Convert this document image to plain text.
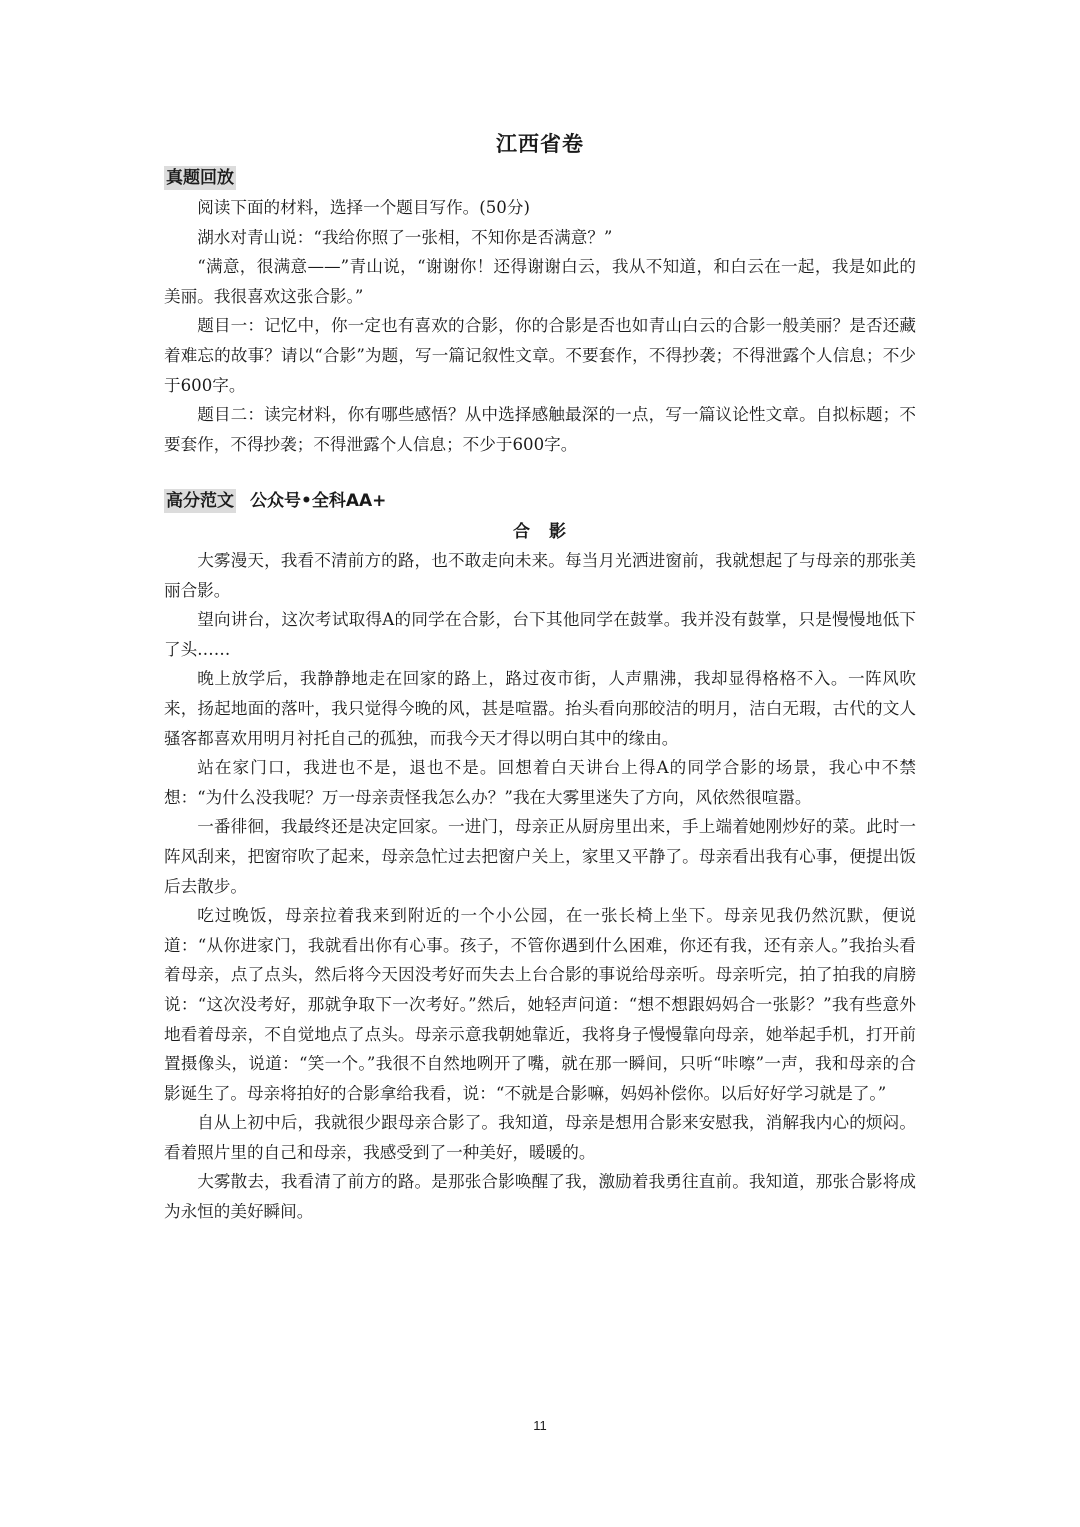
江西省卷
真题回放

阅读下面的材料，选择一个题目写作。(50分)

湖水对青山说：“我给你照了一张相，不知你是否满意？”

“满意，很满意——”青山说，“谢谢你！还得谢谢白云，我从不知道，和白云在一起，我是如此的美丽。我很喜欢这张合影。”

题目一：记忆中，你一定也有喜欢的合影，你的合影是否也如青山白云的合影一般美丽？是否还藏着难忘的故事？请以“合影”为题，写一篇记叙性文章。不要套作，不得抄袭；不得泄露个人信息；不少于600字。

题目二：读完材料，你有哪些感悟？从中选择感触最深的一点，写一篇议论性文章。自拟标题；不要套作，不得抄袭；不得泄露个人信息；不少于600字。

高分范文 公众号•全科AA+
合　影

大雾漫天，我看不清前方的路，也不敢走向未来。每当月光洒进窗前，我就想起了与母亲的那张美丽合影。

望向讲台，这次考试取得A的同学在合影，台下其他同学在鼓掌。我并没有鼓掌，只是慢慢地低下了头……

晚上放学后，我静静地走在回家的路上，路过夜市街，人声鼎沸，我却显得格格不入。一阵风吹来，扬起地面的落叶，我只觉得今晚的风，甚是喧嚣。抬头看向那皎洁的明月，洁白无瑕，古代的文人骚客都喜欢用明月衬托自己的孤独，而我今天才得以明白其中的缘由。

站在家门口，我进也不是，退也不是。回想着白天讲台上得A的同学合影的场景，我心中不禁想：“为什么没我呢？万一母亲责怪我怎么办？”我在大雾里迷失了方向，风依然很喧嚣。

一番徘徊，我最终还是决定回家。一进门，母亲正从厨房里出来，手上端着她刚炒好的菜。此时一阵风刮来，把窗帘吹了起来，母亲急忙过去把窗户关上，家里又平静了。母亲看出我有心事，便提出饭后去散步。

吃过晚饭，母亲拉着我来到附近的一个小公园，在一张长椅上坐下。母亲见我仍然沉默，便说道：“从你进家门，我就看出你有心事。孩子，不管你遇到什么困难，你还有我，还有亲人。”我抬头看着母亲，点了点头，然后将今天因没考好而失去上台合影的事说给母亲听。母亲听完，拍了拍我的肩膀说：“这次没考好，那就争取下一次考好。”然后，她轻声问道：“想不想跟妈妈合一张影？”我有些意外地看着母亲，不自觉地点了点头。母亲示意我朝她靠近，我将身子慢慢靠向母亲，她举起手机，打开前置摄像头，说道：“笑一个。”我很不自然地咧开了嘴，就在那一瞬间，只听“咔嚓”一声，我和母亲的合影诞生了。母亲将拍好的合影拿给我看，说：“不就是合影嘛，妈妈补偿你。以后好好学习就是了。”

自从上初中后，我就很少跟母亲合影了。我知道，母亲是想用合影来安慰我，消解我内心的烦闷。看着照片里的自己和母亲，我感受到了一种美好，暖暖的。

大雾散去，我看清了前方的路。是那张合影唤醒了我，激励着我勇往直前。我知道，那张合影将成为永恒的美好瞬间。

11
